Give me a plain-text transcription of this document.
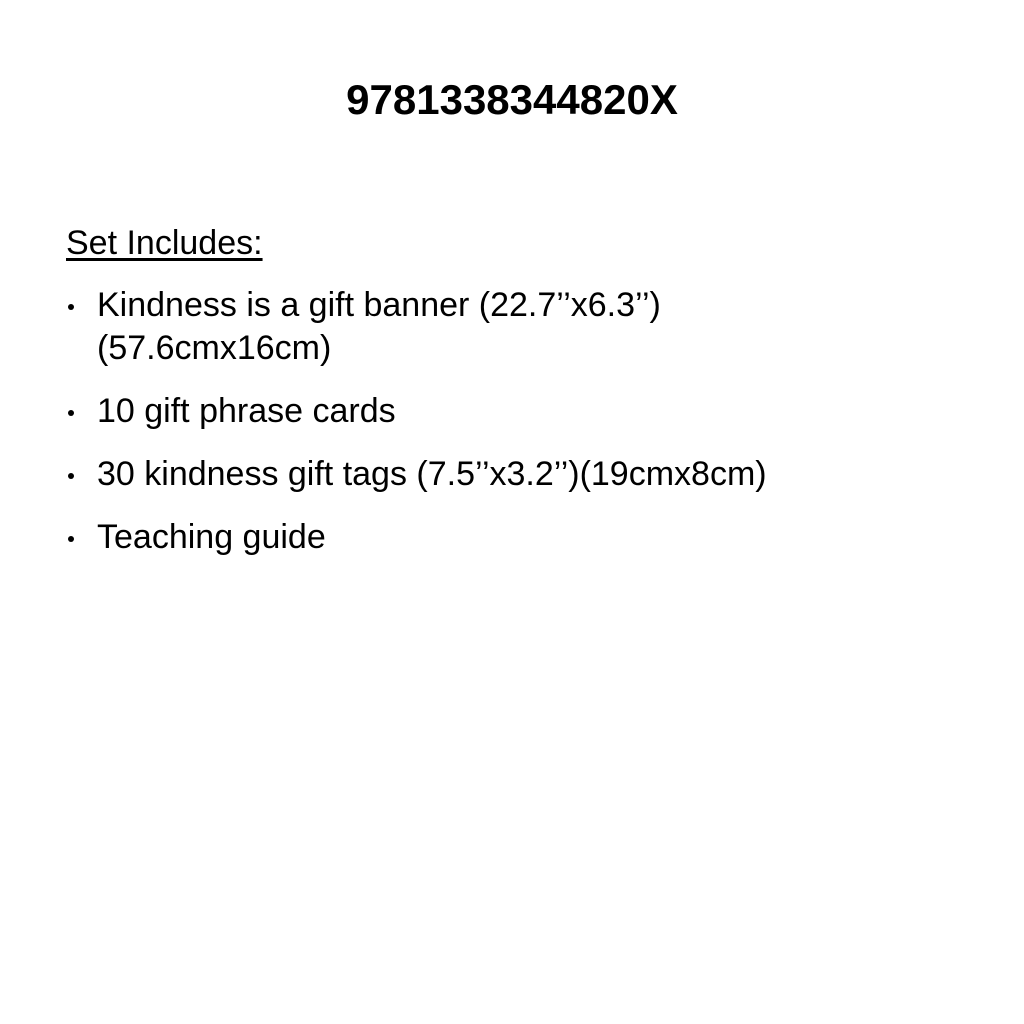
9781338344820X
Set Includes:
Kindness is a gift banner (22.7’’x6.3’’)
(57.6cmx16cm)
10 gift phrase cards
30 kindness gift tags (7.5’’x3.2’’)(19cmx8cm)
Teaching guide
